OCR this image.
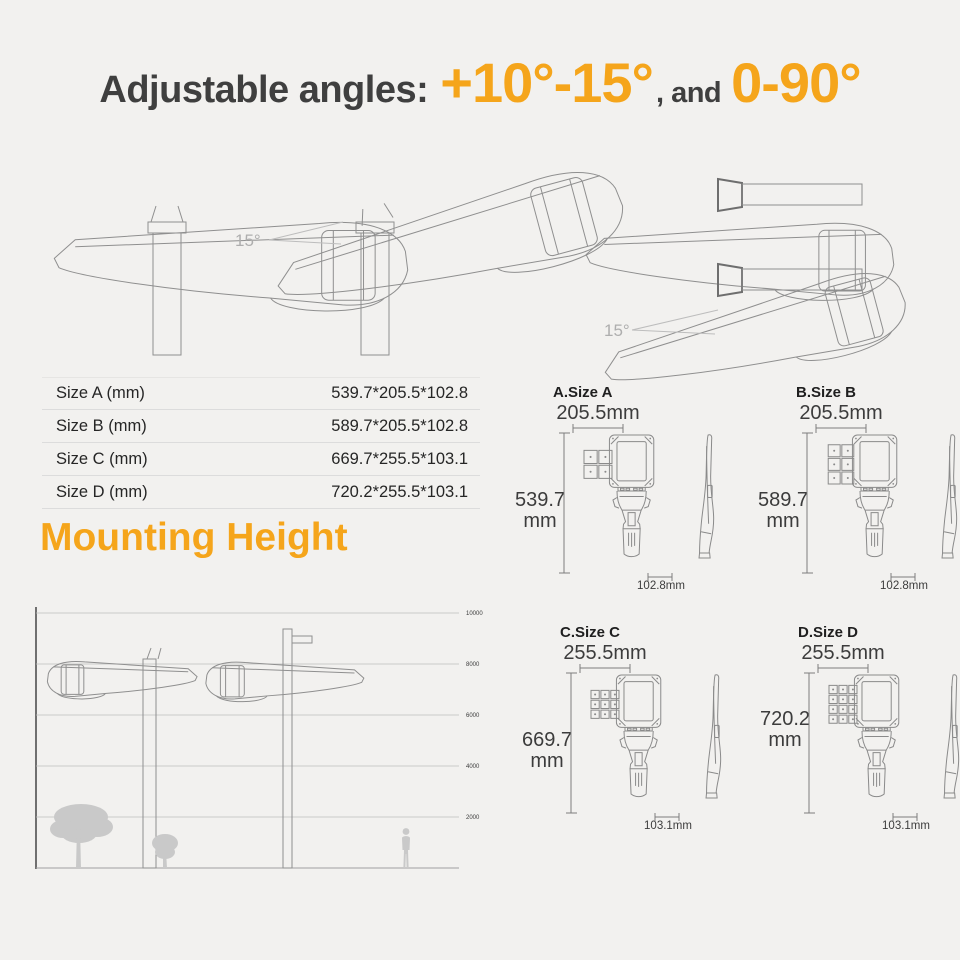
Adjustable angles: +10°-15° , and 0-90°
15°
15°
Size A (mm)	539.7*205.5*102.8
Size B (mm)	589.7*205.5*102.8
Size C (mm)	669.7*255.5*103.1
Size D (mm)	720.2*255.5*103.1
Mounting Height
10000
8000
6000
4000
2000
A.Size A
205.5mm
539.7
mm
102.8mm
B.Size B
205.5mm
589.7
mm
102.8mm
C.Size C
255.5mm
669.7
mm
103.1mm
D.Size D
255.5mm
720.2
mm
103.1mm
